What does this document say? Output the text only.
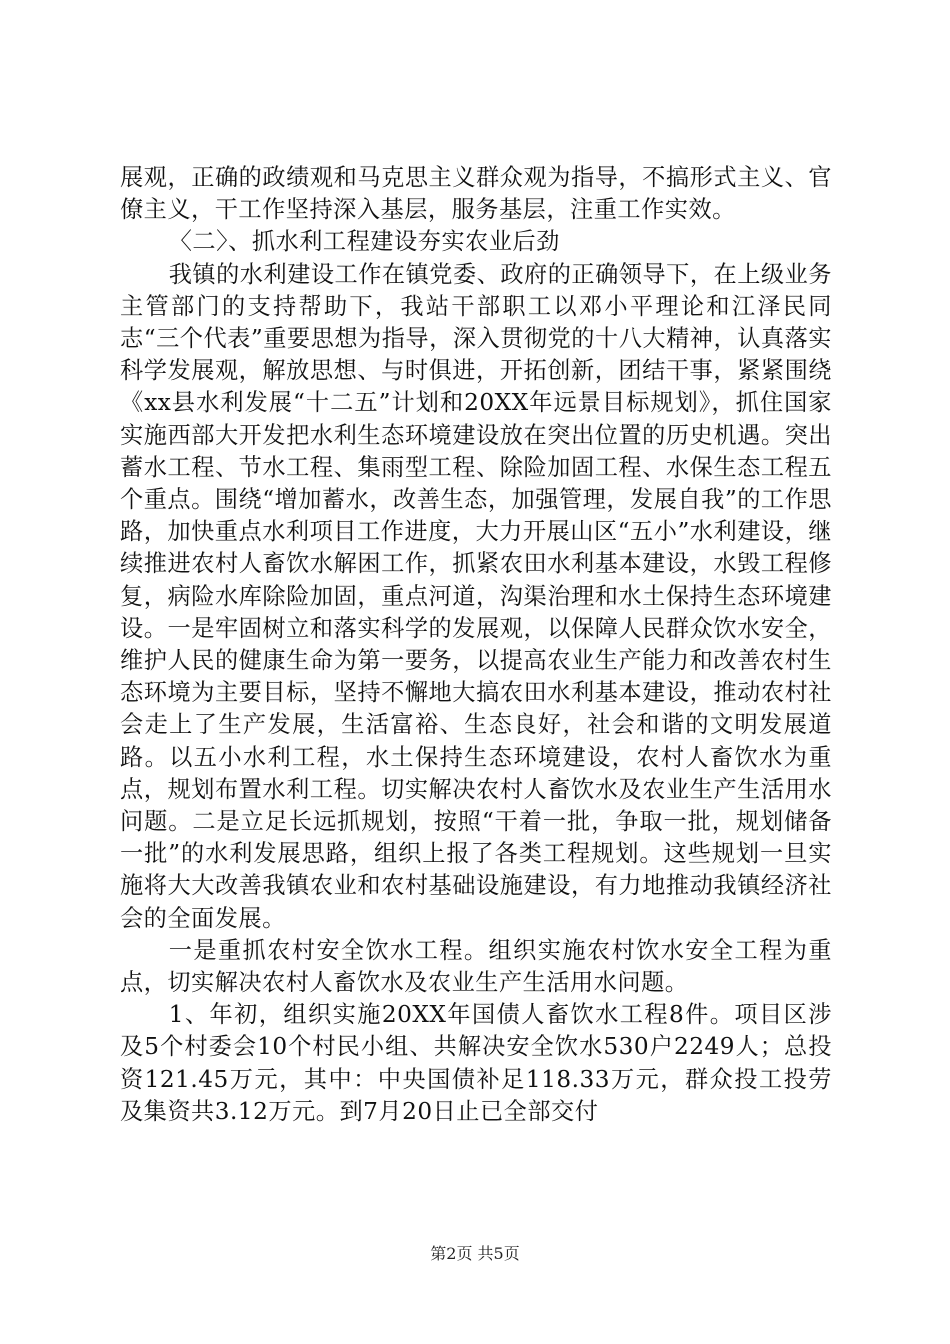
展观，正确的政绩观和马克思主义群众观为指导，不搞形式主义、官僚主义，干工作坚持深入基层，服务基层，注重工作实效。

〈二〉、抓水利工程建设夯实农业后劲

我镇的水利建设工作在镇党委、政府的正确领导下，在上级业务主管部门的支持帮助下，我站干部职工以邓小平理论和江泽民同志“三个代表”重要思想为指导，深入贯彻党的十八大精神，认真落实科学发展观，解放思想、与时俱进，开拓创新，团结干事，紧紧围绕《xx县水利发展“十二五”计划和20XX年远景目标规划》，抓住国家实施西部大开发把水利生态环境建设放在突出位置的历史机遇。突出蓄水工程、节水工程、集雨型工程、除险加固工程、水保生态工程五个重点。围绕“增加蓄水，改善生态，加强管理，发展自我”的工作思路，加快重点水利项目工作进度，大力开展山区“五小”水利建设，继续推进农村人畜饮水解困工作，抓紧农田水利基本建设，水毁工程修复，病险水库除险加固，重点河道，沟渠治理和水土保持生态环境建设。一是牢固树立和落实科学的发展观，以保障人民群众饮水安全，维护人民的健康生命为第一要务，以提高农业生产能力和改善农村生态环境为主要目标，坚持不懈地大搞农田水利基本建设，推动农村社会走上了生产发展，生活富裕、生态良好，社会和谐的文明发展道路。以五小水利工程，水土保持生态环境建设，农村人畜饮水为重点，规划布置水利工程。切实解决农村人畜饮水及农业生产生活用水问题。二是立足长远抓规划，按照“干着一批，争取一批，规划储备一批”的水利发展思路，组织上报了各类工程规划。这些规划一旦实施将大大改善我镇农业和农村基础设施建设，有力地推动我镇经济社会的全面发展。

一是重抓农村安全饮水工程。组织实施农村饮水安全工程为重点，切实解决农村人畜饮水及农业生产生活用水问题。

1、年初，组织实施20XX年国债人畜饮水工程8件。项目区涉及5个村委会10个村民小组、共解决安全饮水530户2249人；总投资121.45万元，其中：中央国债补足118.33万元，群众投工投劳及集资共3.12万元。到7月20日止已全部交付

第2页 共5页
